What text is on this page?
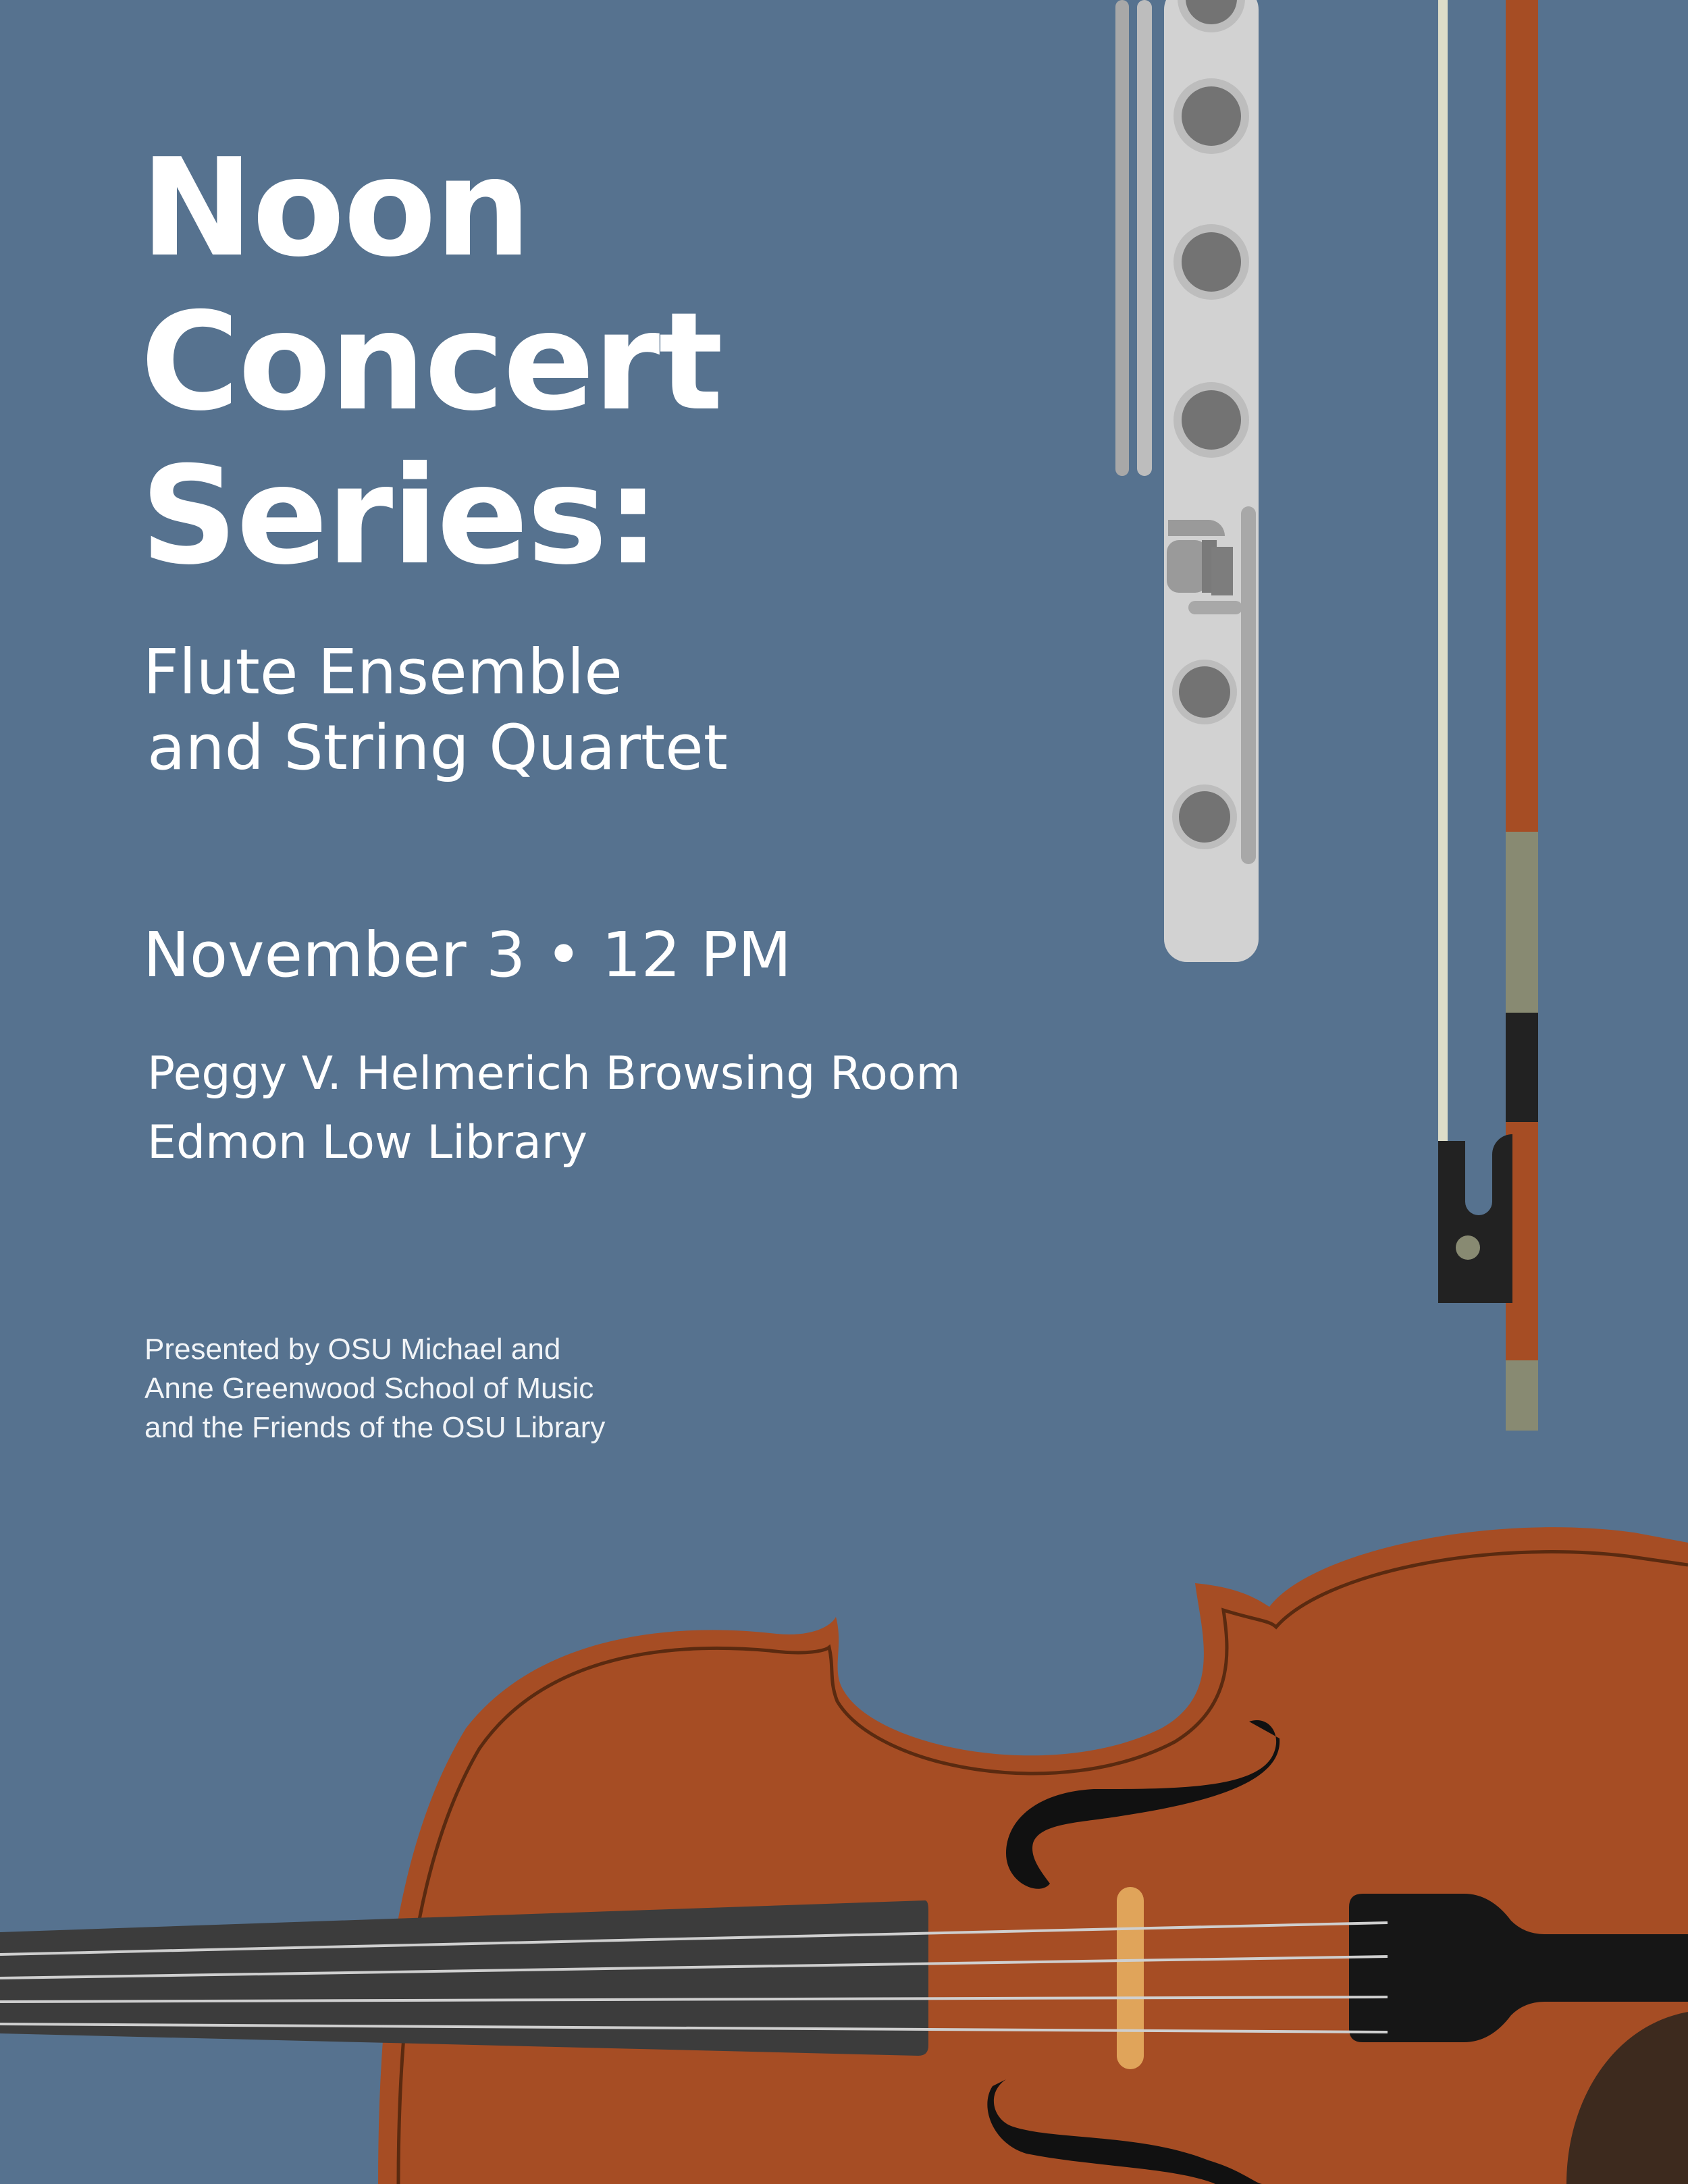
Noon
Concert
Series:
Flute Ensemble
and String Quartet
November 3 • 12 PM
Peggy V. Helmerich Browsing Room
Edmon Low Library
Presented by OSU Michael and
Anne Greenwood School of Music
and the Friends of the OSU Library
